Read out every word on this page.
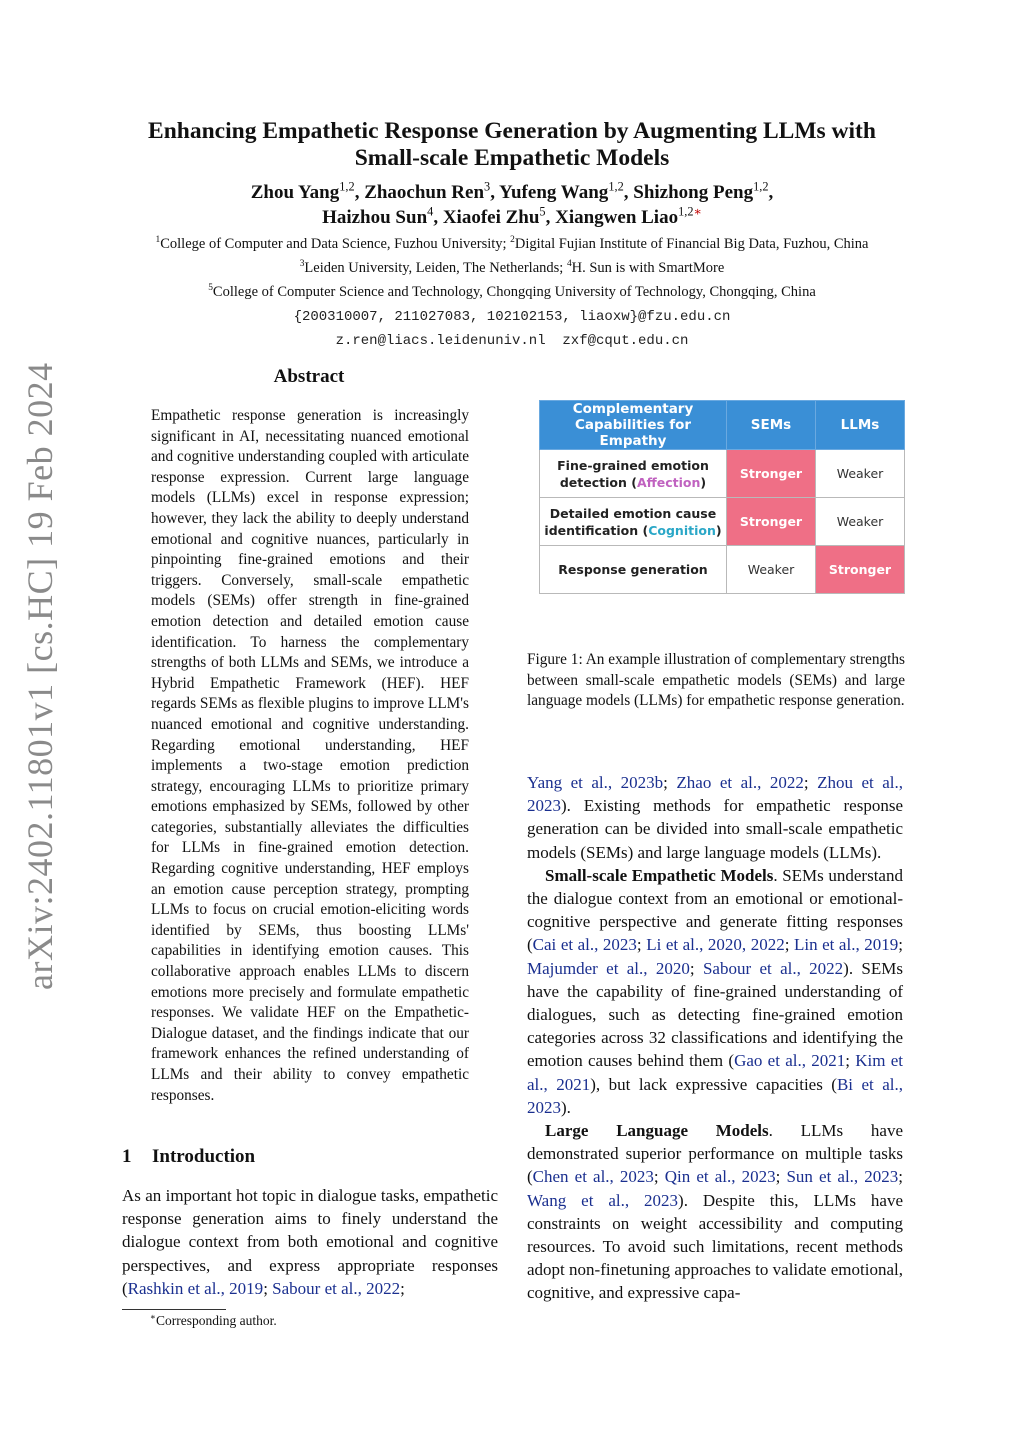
arXiv:2402.11801v1 [cs.HC] 19 Feb 2024
Enhancing Empathetic Response Generation by Augmenting LLMs with
Small-scale Empathetic Models
Zhou Yang$^{1,2}$, Zhaochun Ren$^3$, Yufeng Wang$^{1,2}$, Shizhong Peng$^{1,2}$,
Haizhou Sun$^4$, Xiaofei Zhu$^5$, Xiangwen Liao$^{1,2∗}$
$^1$College of Computer and Data Science, Fuzhou University; $^2$Digital Fujian Institute of Financial Big Data, Fuzhou, China
$^3$Leiden University, Leiden, The Netherlands; $^4$H. Sun is with SmartMore
$^5$College of Computer Science and Technology, Chongqing University of Technology, Chongqing, China
{200310007, 211027083, 102102153, liaoxw}@fzu.edu.cn
z.ren@liacs.leidenuniv.nl  zxf@cqut.edu.cn
Abstract
Empathetic response generation is increasingly significant in AI, necessitating nuanced emotional and cognitive understanding coupled with articulate response expression. Current large language models (LLMs) excel in response expression; however, they lack the ability to deeply understand emotional and cognitive nuances, particularly in pinpointing fine-grained emotions and their triggers. Conversely, small-scale empathetic models (SEMs) offer strength in fine-grained emotion detection and detailed emotion cause identification. To harness the complementary strengths of both LLMs and SEMs, we introduce a Hybrid Empathetic Framework (HEF). HEF regards SEMs as flexible plugins to improve LLM's nuanced emotional and cognitive understanding. Regarding emotional understanding, HEF implements a two-stage emotion prediction strategy, encouraging LLMs to prioritize primary emotions emphasized by SEMs, followed by other categories, substantially alleviates the difficulties for LLMs in fine-grained emotion detection. Regarding cognitive understanding, HEF employs an emotion cause perception strategy, prompting LLMs to focus on crucial emotion-eliciting words identified by SEMs, thus boosting LLMs' capabilities in identifying emotion causes. This collaborative approach enables LLMs to discern emotions more precisely and formulate empathetic responses. We validate HEF on the Empathetic-Dialogue dataset, and the findings indicate that our framework enhances the refined understanding of LLMs and their ability to convey empathetic responses.
1 Introduction
As an important hot topic in dialogue tasks, empathetic response generation aims to finely understand the dialogue context from both emotional and cognitive perspectives, and express appropriate responses (Rashkin et al., 2019; Sabour et al., 2022;
∗Corresponding author.
Complementary Capabilities for Empathy	SEMs	LLMs
Fine-grained emotion detection (Affection)	Stronger	Weaker
Detailed emotion cause identification (Cognition)	Stronger	Weaker
Response generation	Weaker	Stronger
Figure 1: An example illustration of complementary strengths between small-scale empathetic models (SEMs) and large language models (LLMs) for empathetic response generation.

Yang et al., 2023b; Zhao et al., 2022; Zhou et al., 2023). Existing methods for empathetic response generation can be divided into small-scale empathetic models (SEMs) and large language models (LLMs).

Small-scale Empathetic Models. SEMs understand the dialogue context from an emotional or emotional-cognitive perspective and generate fitting responses (Cai et al., 2023; Li et al., 2020, 2022; Lin et al., 2019; Majumder et al., 2020; Sabour et al., 2022). SEMs have the capability of fine-grained understanding of dialogues, such as detecting fine-grained emotion categories across 32 classifications and identifying the emotion causes behind them (Gao et al., 2021; Kim et al., 2021), but lack expressive capacities (Bi et al., 2023).

Large Language Models. LLMs have demonstrated superior performance on multiple tasks (Chen et al., 2023; Qin et al., 2023; Sun et al., 2023; Wang et al., 2023). Despite this, LLMs have constraints on weight accessibility and computing resources. To avoid such limitations, recent methods adopt non-finetuning approaches to validate emotional, cognitive, and expressive capa-
